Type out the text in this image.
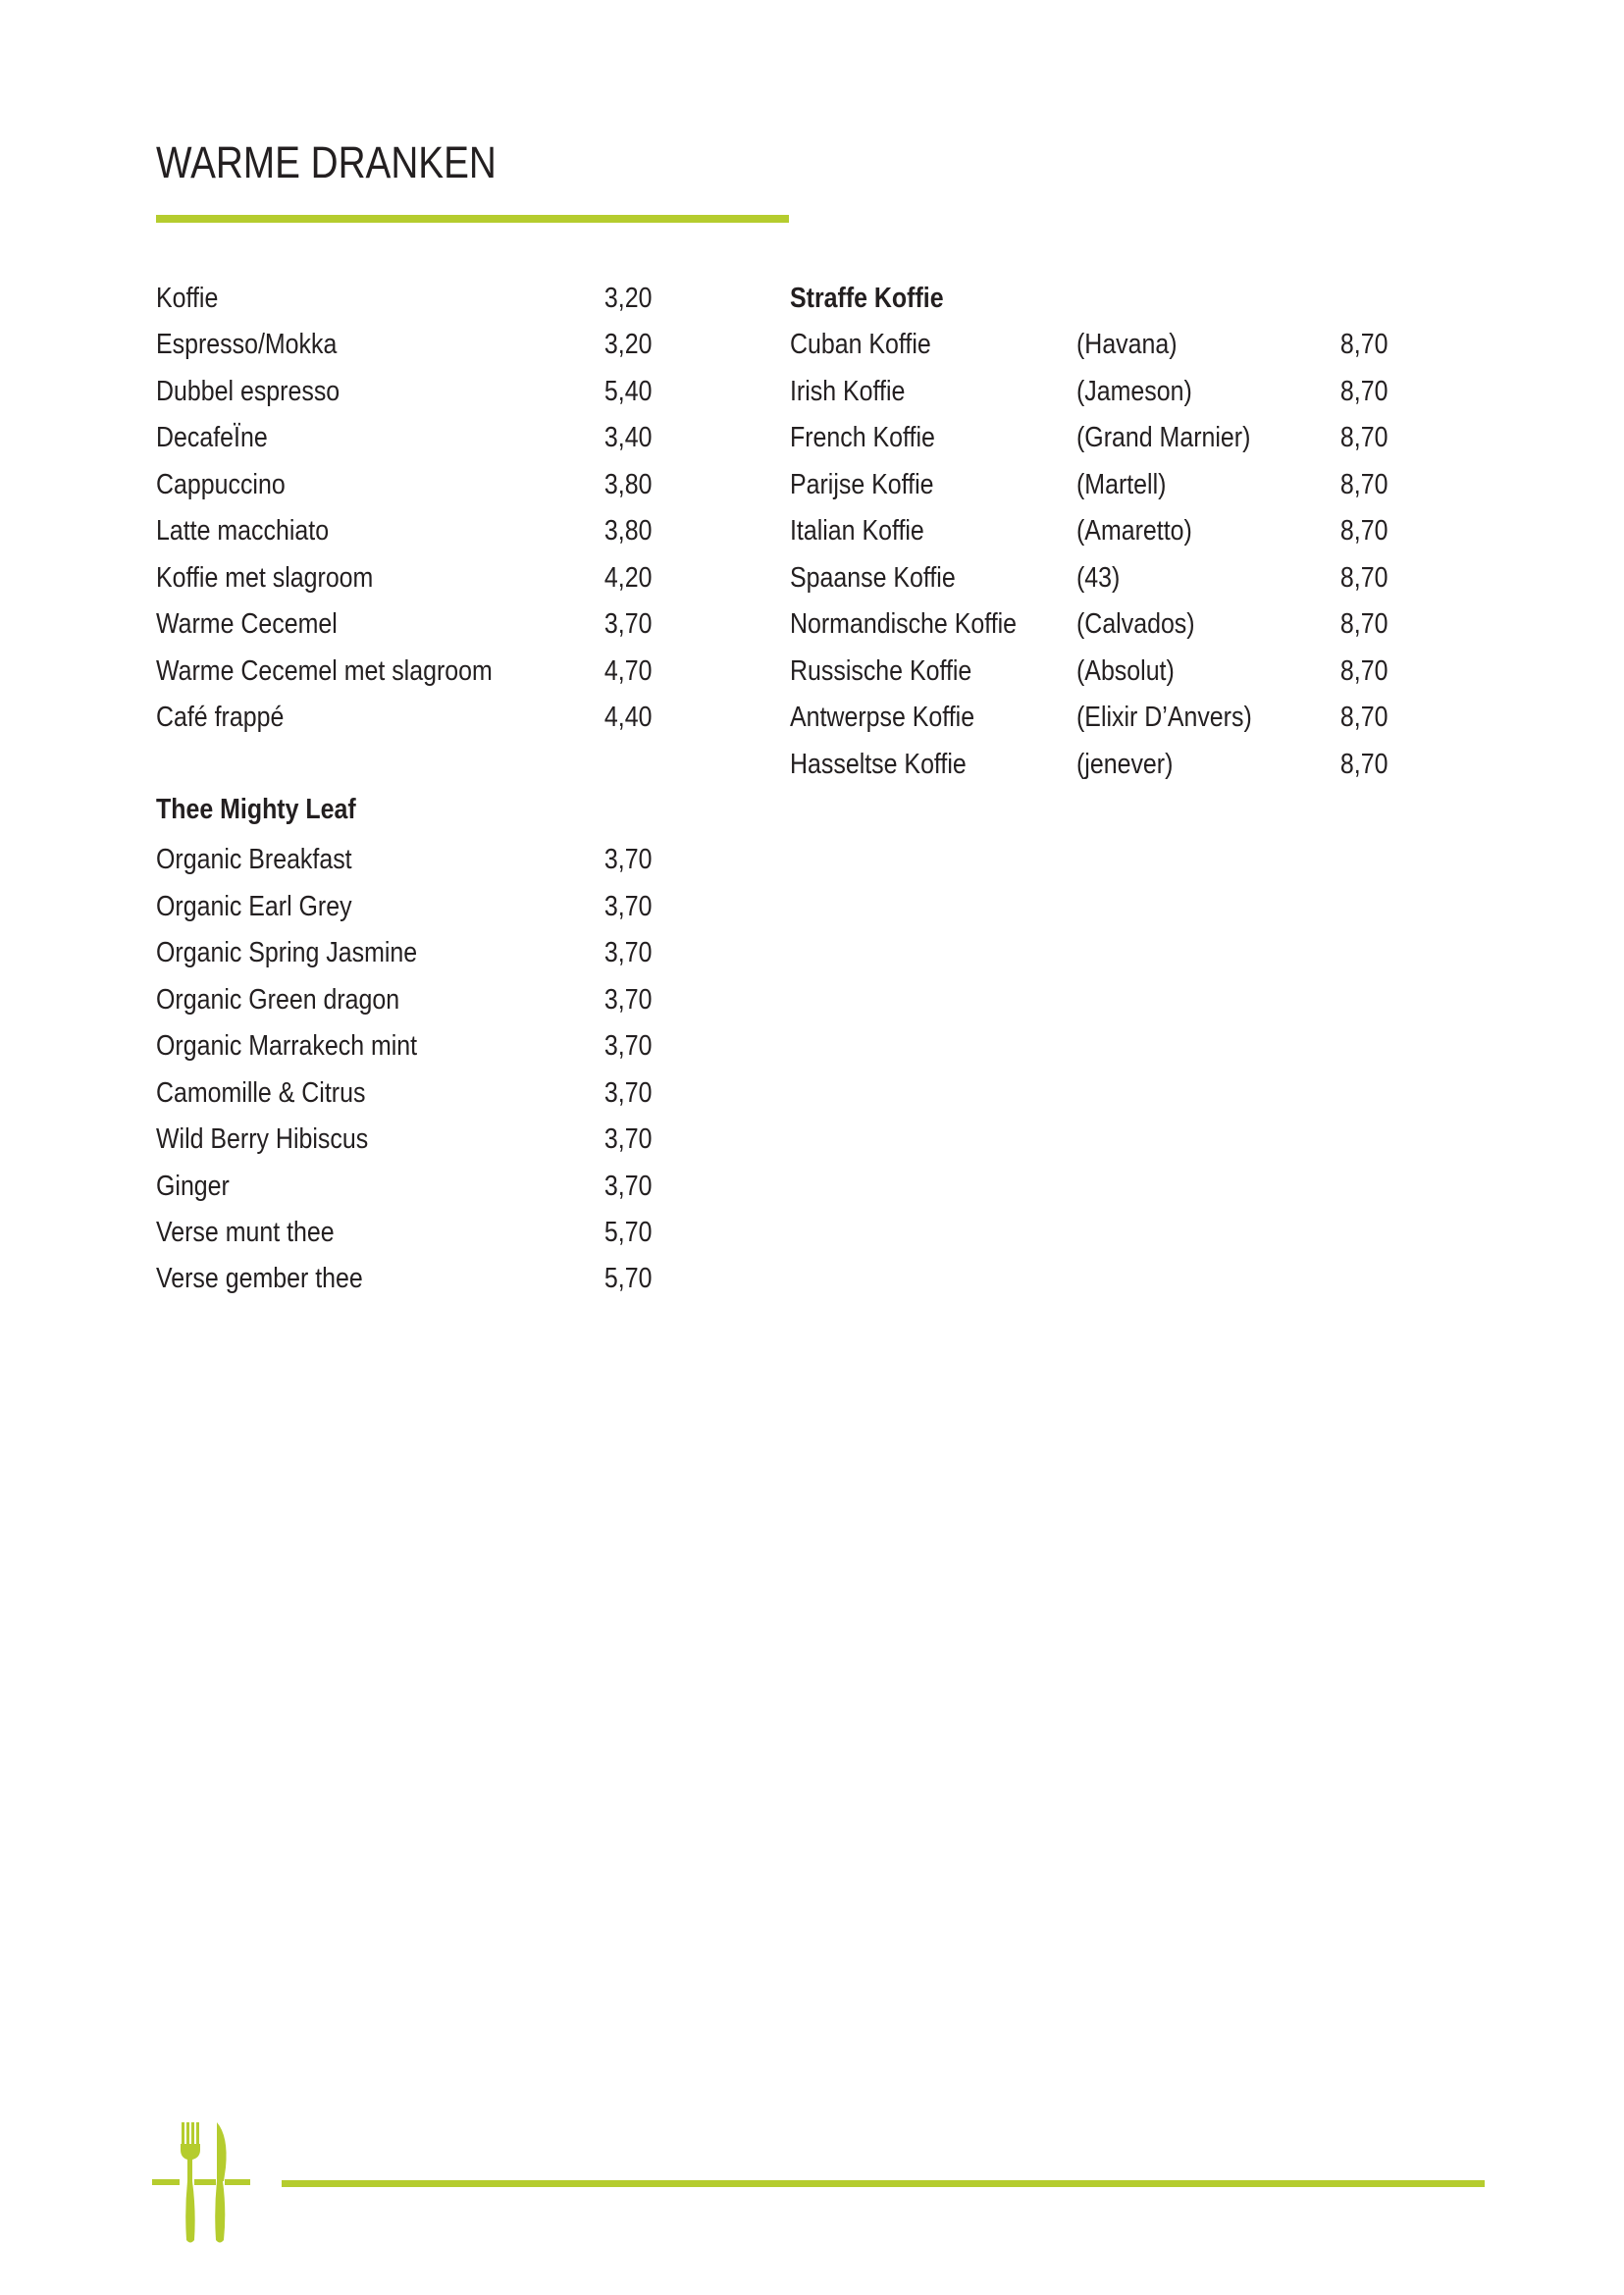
WARME DRANKEN
Koffie	3,20
Espresso/Mokka	3,20
Dubbel espresso	5,40
DecafeÏne	3,40
Cappuccino	3,80
Latte macchiato	3,80
Koffie met slagroom	4,20
Warme Cecemel	3,70
Warme Cecemel met slagroom	4,70
Café frappé	4,40
Thee Mighty Leaf
Organic Breakfast	3,70
Organic Earl Grey	3,70
Organic Spring Jasmine	3,70
Organic Green dragon	3,70
Organic Marrakech mint	3,70
Camomille & Citrus	3,70
Wild Berry Hibiscus	3,70
Ginger	3,70
Verse munt thee	5,70
Verse gember thee	5,70
Straffe Koffie
Cuban Koffie	(Havana)	8,70
Irish Koffie	(Jameson)	8,70
French Koffie	(Grand Marnier)	8,70
Parijse Koffie	(Martell)	8,70
Italian Koffie	(Amaretto)	8,70
Spaanse Koffie	(43)	8,70
Normandische Koffie	(Calvados)	8,70
Russische Koffie	(Absolut)	8,70
Antwerpse Koffie	(Elixir D’Anvers)	8,70
Hasseltse Koffie	(jenever)	8,70
